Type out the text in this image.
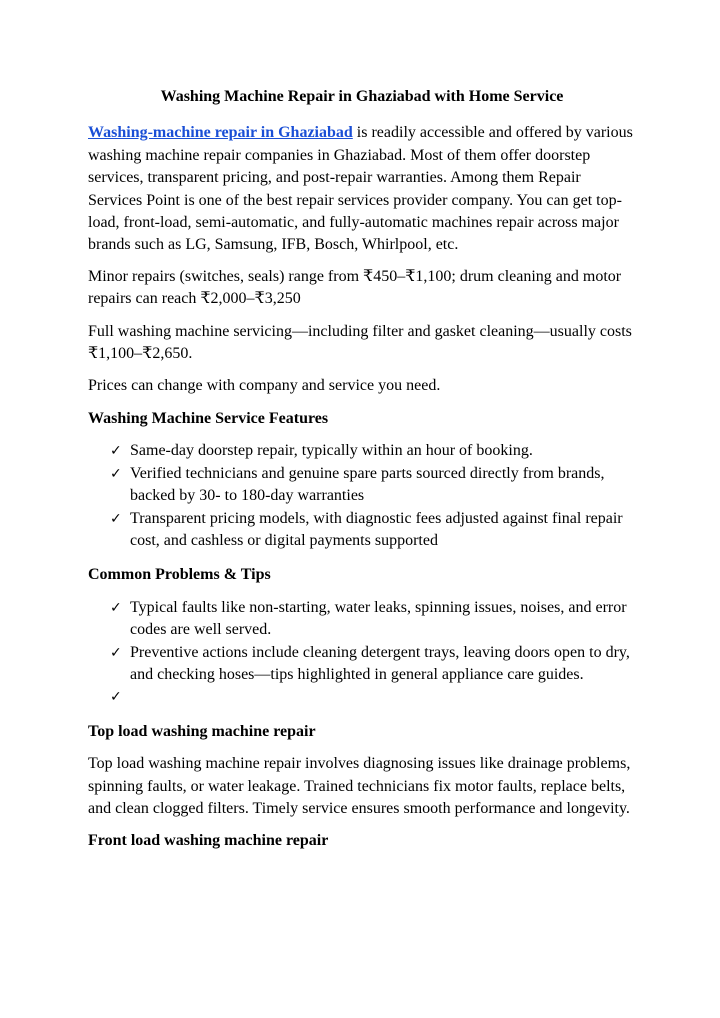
Washing Machine Repair in Ghaziabad with Home Service

Washing-machine repair in Ghaziabad is readily accessible and offered by various washing machine repair companies in Ghaziabad. Most of them offer doorstep services, transparent pricing, and post-repair warranties. Among them Repair Services Point is one of the best repair services provider company. You can get top-load, front-load, semi-automatic, and fully-automatic machines repair across major brands such as LG, Samsung, IFB, Bosch, Whirlpool, etc.

Minor repairs (switches, seals) range from ₹450–₹1,100; drum cleaning and motor repairs can reach ₹2,000–₹3,250

Full washing machine servicing—including filter and gasket cleaning—usually costs ₹1,100–₹2,650.

Prices can change with company and service you need.

Washing Machine Service Features
✓ Same-day doorstep repair, typically within an hour of booking.
✓ Verified technicians and genuine spare parts sourced directly from brands, backed by 30- to 180-day warranties
✓ Transparent pricing models, with diagnostic fees adjusted against final repair cost, and cashless or digital payments supported
Common Problems & Tips
✓ Typical faults like non-starting, water leaks, spinning issues, noises, and error codes are well served.
✓ Preventive actions include cleaning detergent trays, leaving doors open to dry, and checking hoses—tips highlighted in general appliance care guides.
✓
Top load washing machine repair

Top load washing machine repair involves diagnosing issues like drainage problems, spinning faults, or water leakage. Trained technicians fix motor faults, replace belts, and clean clogged filters. Timely service ensures smooth performance and longevity.

Front load washing machine repair
